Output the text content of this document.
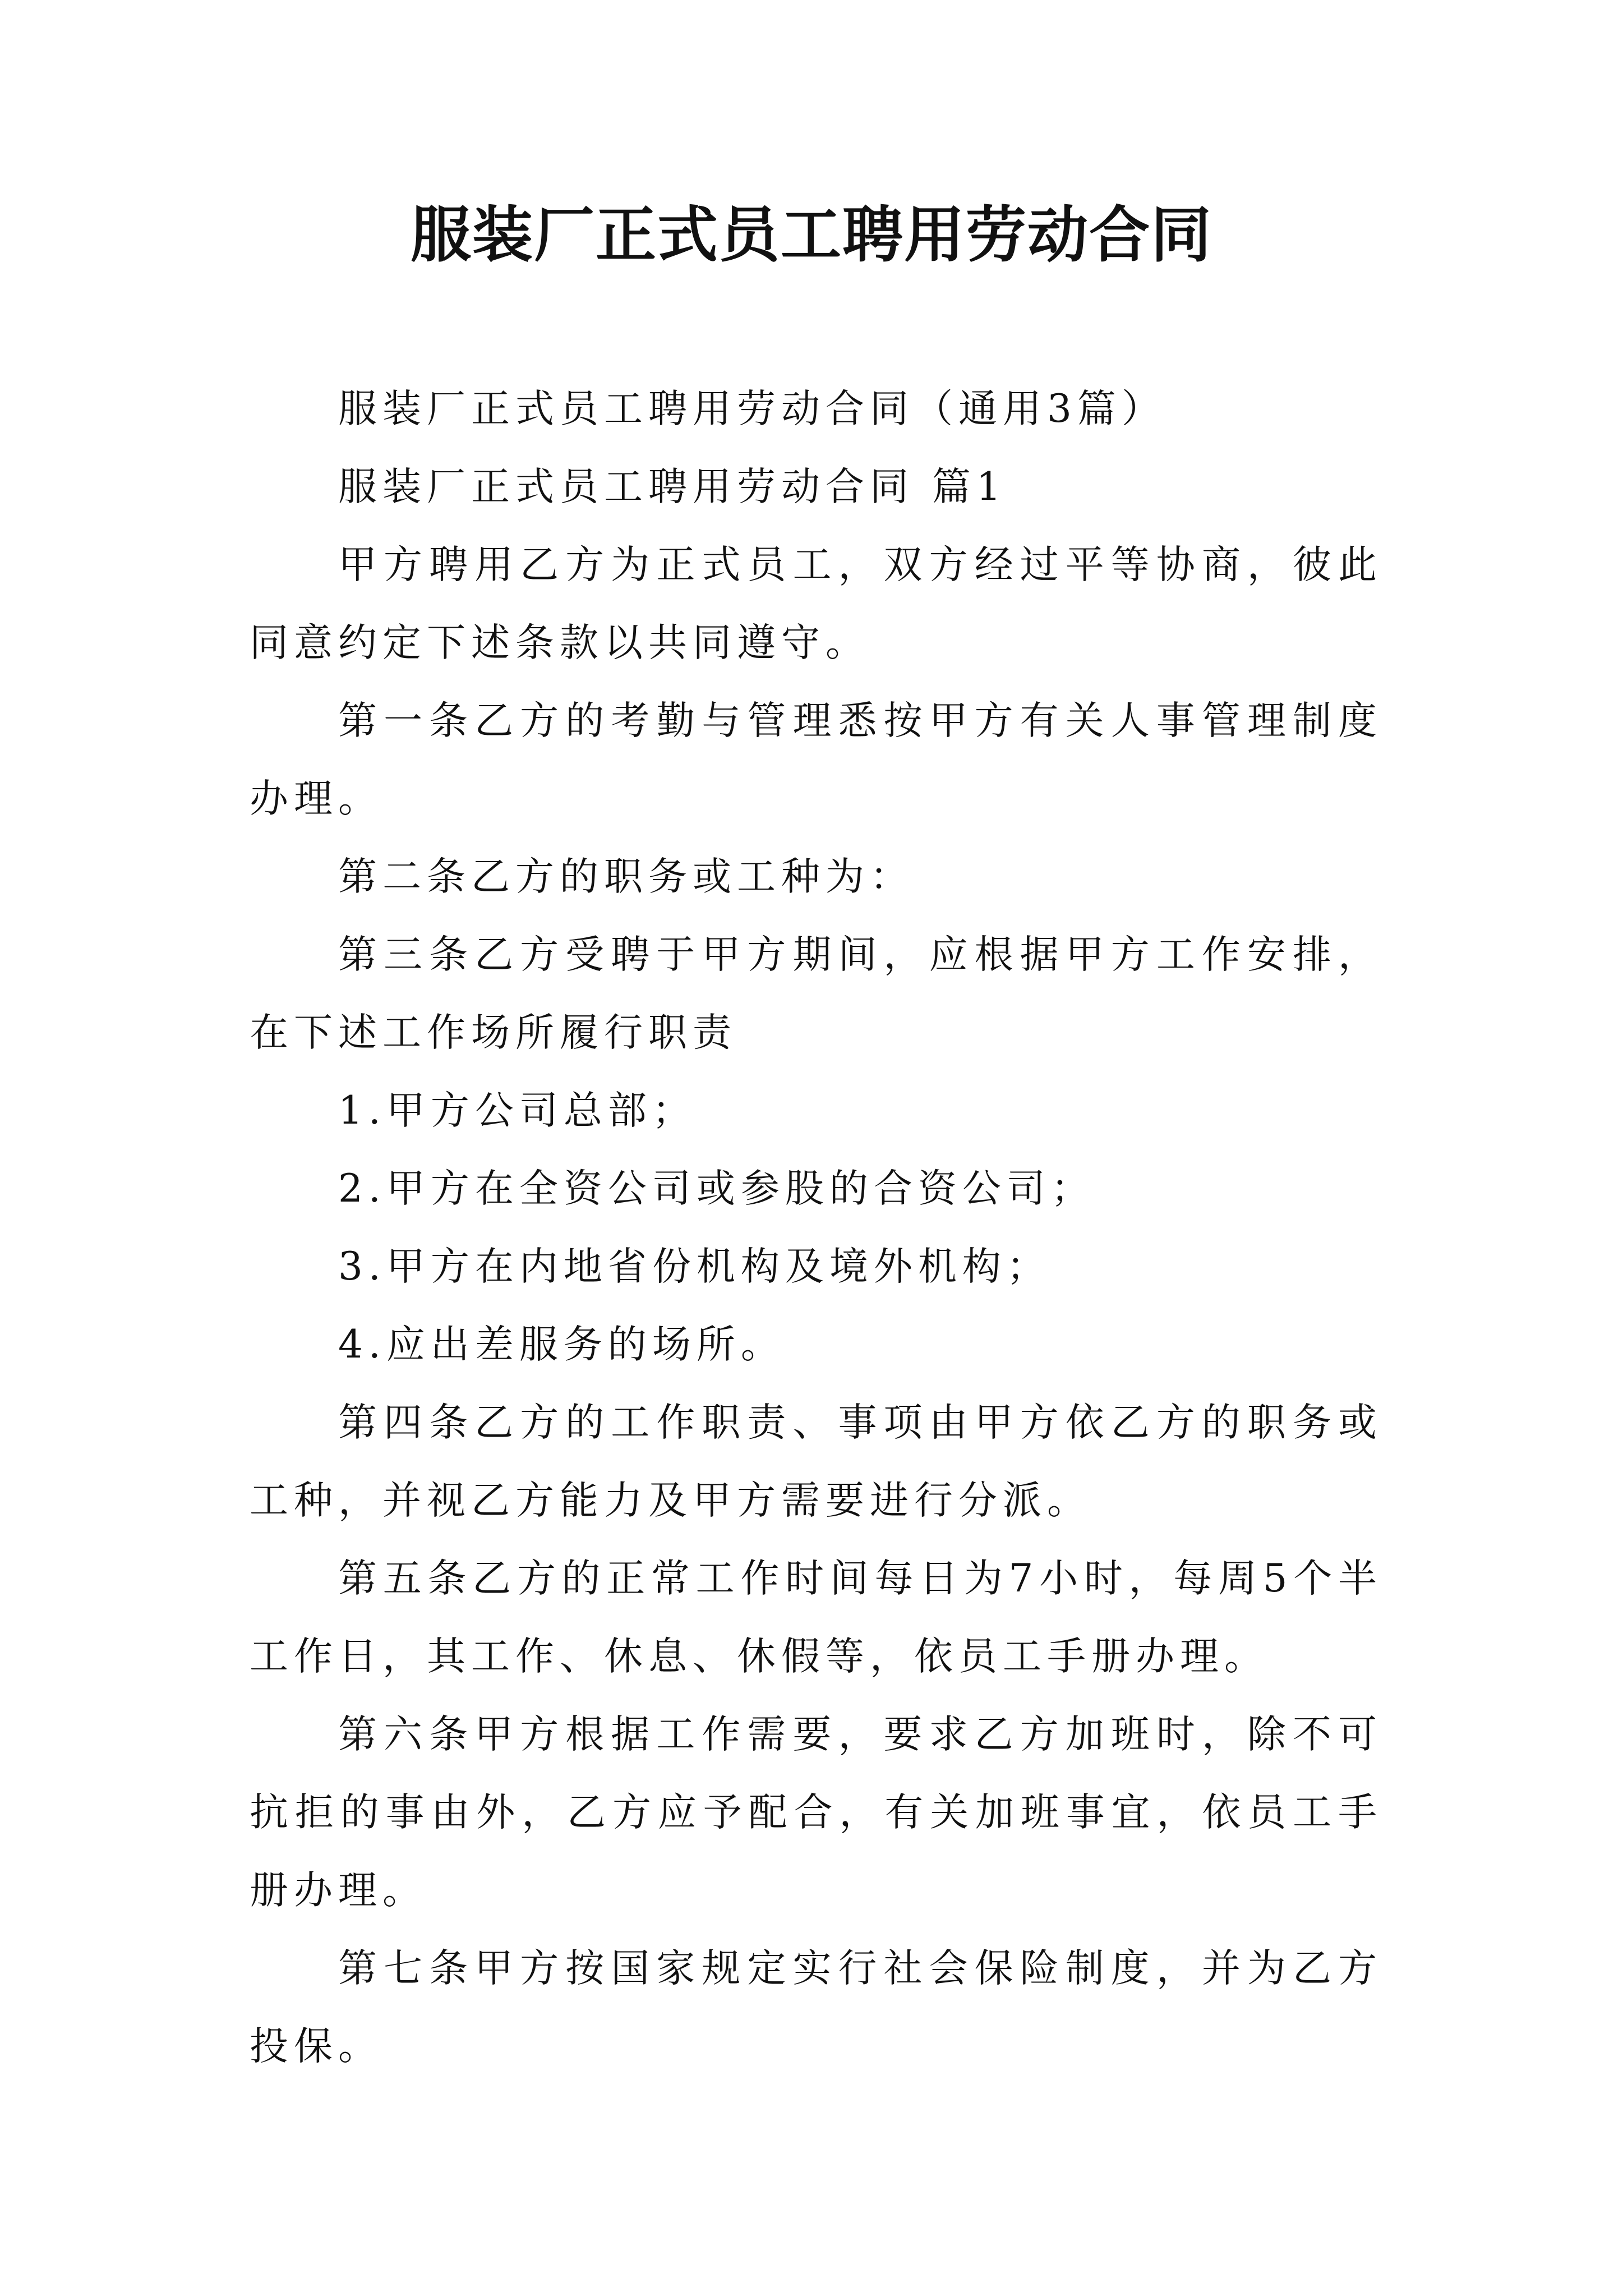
服装厂正式员工聘用劳动合同

服装厂正式员工聘用劳动合同（通用3篇）

服装厂正式员工聘用劳动合同 篇1

甲方聘用乙方为正式员工，双方经过平等协商，彼此同意约定下述条款以共同遵守。

第一条乙方的考勤与管理悉按甲方有关人事管理制度办理。

第二条乙方的职务或工种为：

第三条乙方受聘于甲方期间，应根据甲方工作安排，在下述工作场所履行职责

1.甲方公司总部；

2.甲方在全资公司或参股的合资公司；

3.甲方在内地省份机构及境外机构；

4.应出差服务的场所。

第四条乙方的工作职责、事项由甲方依乙方的职务或工种，并视乙方能力及甲方需要进行分派。

第五条乙方的正常工作时间每日为7小时，每周5个半工作日，其工作、休息、休假等，依员工手册办理。

第六条甲方根据工作需要，要求乙方加班时，除不可抗拒的事由外，乙方应予配合，有关加班事宜，依员工手册办理。

第七条甲方按国家规定实行社会保险制度，并为乙方投保。
